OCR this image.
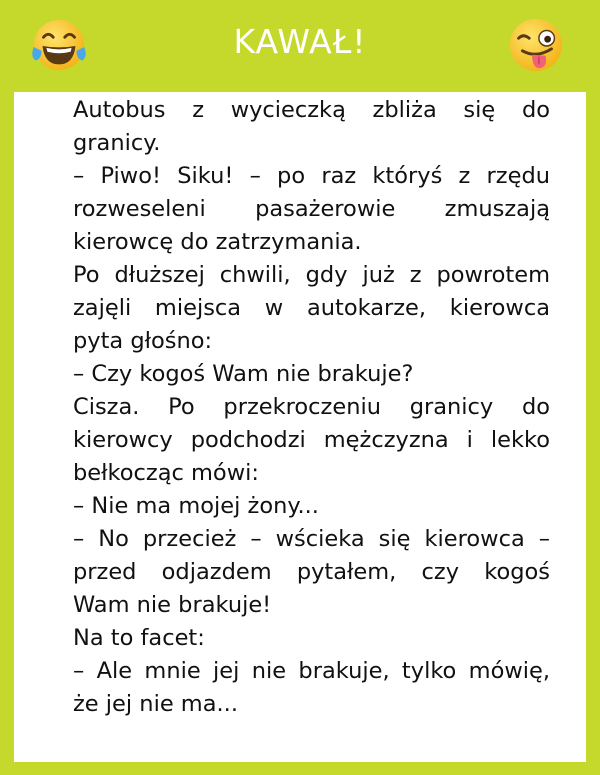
KAWAŁ!
Autobus z wycieczką zbliża się do
granicy.
– Piwo! Siku! – po raz któryś z rzędu
rozweseleni pasażerowie zmuszają
kierowcę do zatrzymania.
Po dłuższej chwili, gdy już z powrotem
zajęli miejsca w autokarze, kierowca
pyta głośno:
– Czy kogoś Wam nie brakuje?
Cisza. Po przekroczeniu granicy do
kierowcy podchodzi mężczyzna i lekko
bełkocząc mówi:
– Nie ma mojej żony...
– No przecież – wścieka się kierowca –
przed odjazdem pytałem, czy kogoś
Wam nie brakuje!
Na to facet:
– Ale mnie jej nie brakuje, tylko mówię,
że jej nie ma...
